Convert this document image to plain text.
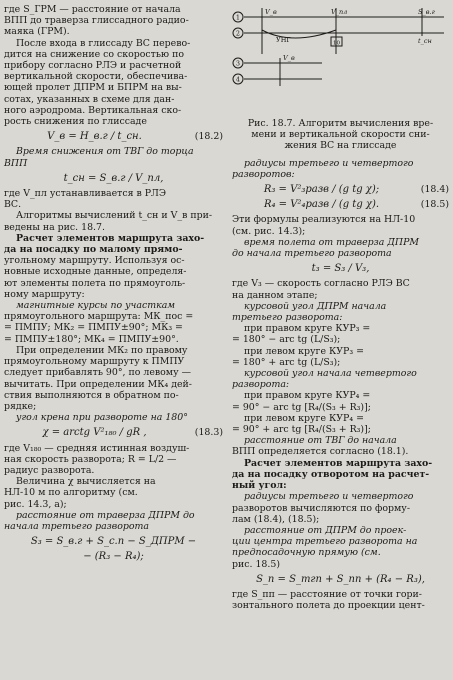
где S_ГРМ — расстояние от начала

ВПП до траверза глиссадного радио-

маяка (ГРМ).

После входа в глиссаду ВС перево-

дится на снижение со скоростью по

прибору согласно РЛЭ и расчетной

вертикальной скорости, обеспечива-

ющей пролет ДПРМ и БПРМ на вы-

сотах, указанных в схеме для дан-

ного аэродрома. Вертикальная ско-

рость снижения по глиссаде

V_в = H_в.г / t_сн.	(18.2)

Время снижения от ТВГ до торца

ВПП

t_сн = S_в.г / V_пл,

где V_пл устанавливается в РЛЭ

ВС.

Алгоритмы вычислений t_сн и V_в при-

ведены на рис. 18.7.

Расчет элементов маршрута захо-

да на посадку по малому прямо-

угольному маршруту. Используя ос-

новные исходные данные, определя-

ют элементы полета по прямоуголь-

ному маршруту:

магнитные курсы по участкам

прямоугольного маршрута: МК_пос =

= ПМПУ; МК₂ = ПМПУ±90°; МК₃ =

= ПМПУ±180°; МК₄ = ПМПУ±90°.

При определении МК₂ по правому

прямоугольному маршруту к ПМПУ

следует прибавлять 90°, по левому —

вычитать. При определении МК₄ дей-

ствия выполняются в обратном по-

рядке;

угол крена при развороте на 180°

χ = arctg V²₁₈₀ / gR ,	(18.3)

где V₁₈₀ — средняя истинная воздуш-

ная скорость разворота; R = L/2 —

радиус разворота.

Величина χ вычисляется на

НЛ-10 м по алгоритму (см.

рис. 14.3, а);

расстояние от траверза ДПРМ до

начала третьего разворота

S₃ = S_в.г + S_с.п − S_ДПРМ −
− (R₃ − R₄);
1
2
3
4
V_в	V_пл
УНГ	10
S_в.г
t_сн
V_в

Рис. 18.7. Алгоритм вычисления вре-
мени и вертикальной скорости сни-
жения ВС на глиссаде

радиусы третьего и четвертого

разворотов:

R₃ = V²₃разв / (g tg χ);	(18.4)
R₄ = V²₄разв / (g tg χ).	(18.5)

Эти формулы реализуются на НЛ-10

(см. рис. 14.3);

время полета от траверза ДПРМ

до начала третьего разворота

t₃ = S₃ / V₃,

где V₃ — скорость согласно РЛЭ ВС

на данном этапе;

курсовой угол ДПРМ начала

третьего разворота:

при правом круге КУР₃ =

= 180° − arc tg (L/S₃);

при левом круге КУР₃ =

= 180° + arc tg (L/S₃);

курсовой угол начала четвертого

разворота:

при правом круге КУР₄ =

= 90° − arc tg [R₄/(S₃ + R₃)];

при левом круге КУР₄ =

= 90° + arc tg [R₄/(S₃ + R₃)];

расстояние от ТВГ до начала

ВПП определяется согласно (18.1).

Расчет элементов маршрута захо-

да на посадку отворотом на расчет-

ный угол:

радиусы третьего и четвертого

разворотов вычисляются по форму-

лам (18.4), (18.5);

расстояние от ДПРМ до проек-

ции центра третьего разворота на

предпосадочную прямую (см.

рис. 18.5)

S_п = S_тгп + S_пп + (R₄ − R₃),

где S_пп — расстояние от точки гори-

зонтального полета до проекции цент-
